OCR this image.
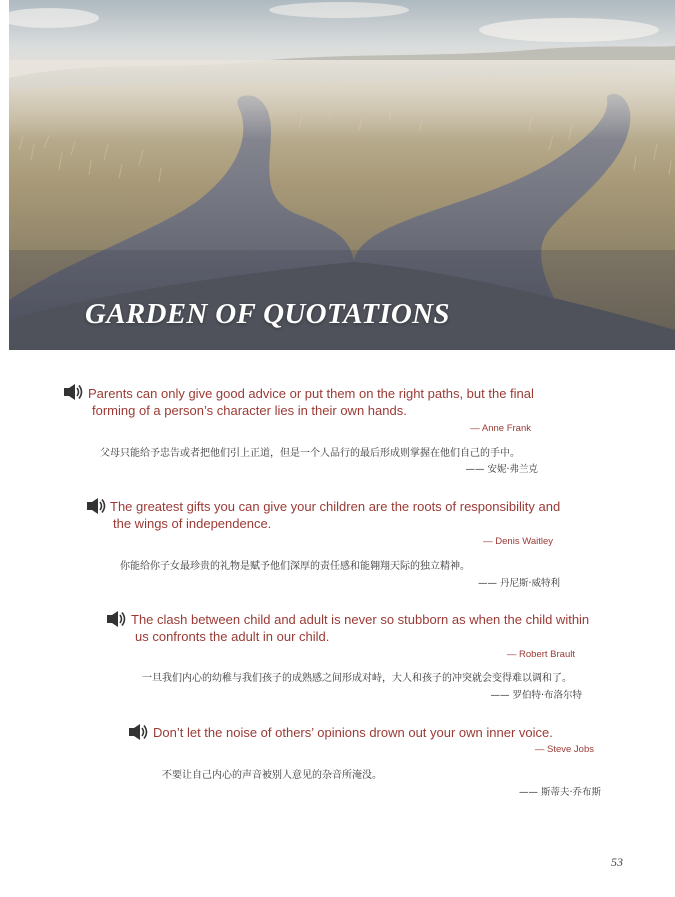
GARDEN OF QUOTATIONS
Parents can only give good advice or put them on the right paths, but the final
forming of a person’s character lies in their own hands.
— Anne Frank
父母只能给予忠告或者把他们引上正道，但是一个人品行的最后形成则掌握在他们自己的手中。
—— 安妮·弗兰克
The greatest gifts you can give your children are the roots of responsibility and
the wings of independence.
— Denis Waitley
你能给你子女最珍贵的礼物是赋予他们深厚的责任感和能翱翔天际的独立精神。
—— 丹尼斯·威特利
The clash between child and adult is never so stubborn as when the child within
us confronts the adult in our child.
— Robert Brault
一旦我们内心的幼稚与我们孩子的成熟感之间形成对峙，大人和孩子的冲突就会变得难以调和了。
—— 罗伯特·布洛尔特
Don’t let the noise of others’ opinions drown out your own inner voice.
— Steve Jobs
不要让自己内心的声音被别人意见的杂音所淹没。
—— 斯蒂夫·乔布斯
53
